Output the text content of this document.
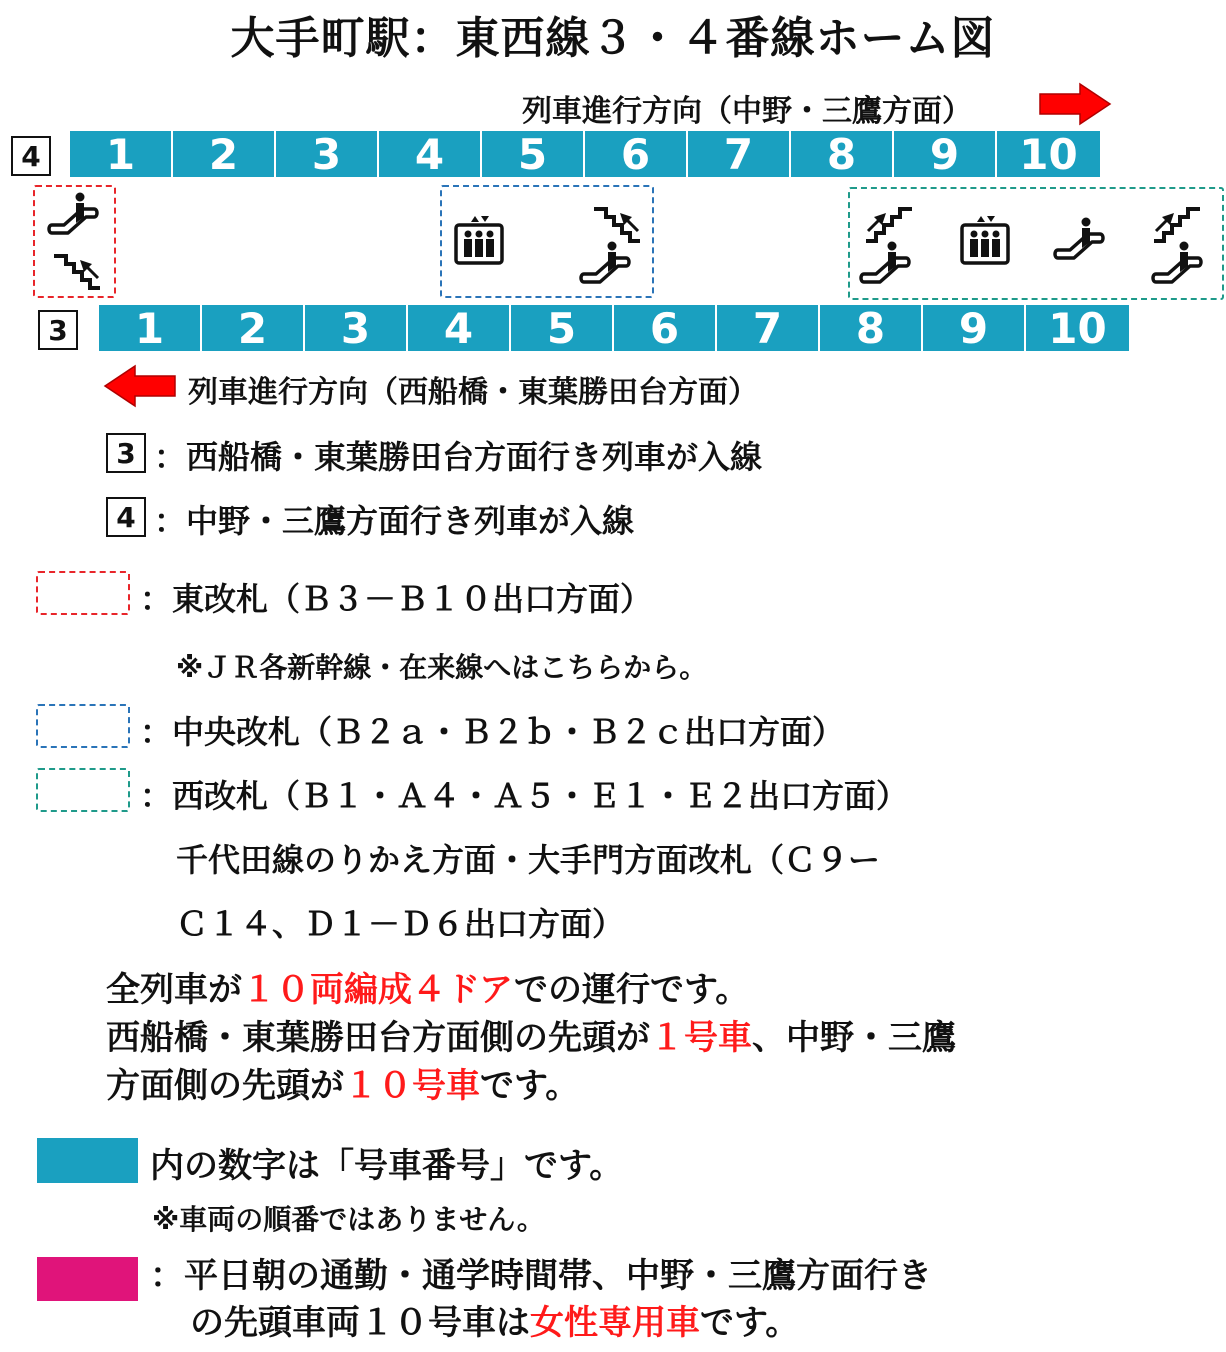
大手町駅：東西線３・４番線ホーム図
列車進行方向（中野・三鷹方面）
4	1	2	3	4	5	6	7	8	9	10
3	1	2	3	4	5	6	7	8	9	10
列車進行方向（西船橋・東葉勝田台方面）
3 ：西船橋・東葉勝田台方面行き列車が入線
4 ：中野・三鷹方面行き列車が入線
：東改札（Ｂ３－Ｂ１０出口方面）
※ＪＲ各新幹線・在来線へはこちらから。
：中央改札（Ｂ２ａ・Ｂ２ｂ・Ｂ２ｃ出口方面）
：西改札（Ｂ１・Ａ４・Ａ５・Ｅ１・Ｅ２出口方面）
千代田線のりかえ方面・大手門方面改札（Ｃ９ー
Ｃ１４、Ｄ１－Ｄ６出口方面）
全列車が１０両編成４ドアでの運行です。
西船橋・東葉勝田台方面側の先頭が１号車、中野・三鷹
方面側の先頭が１０号車です。
内の数字は「号車番号」です。
※車両の順番ではありません。
：平日朝の通勤・通学時間帯、中野・三鷹方面行き
の先頭車両１０号車は女性専用車です。
